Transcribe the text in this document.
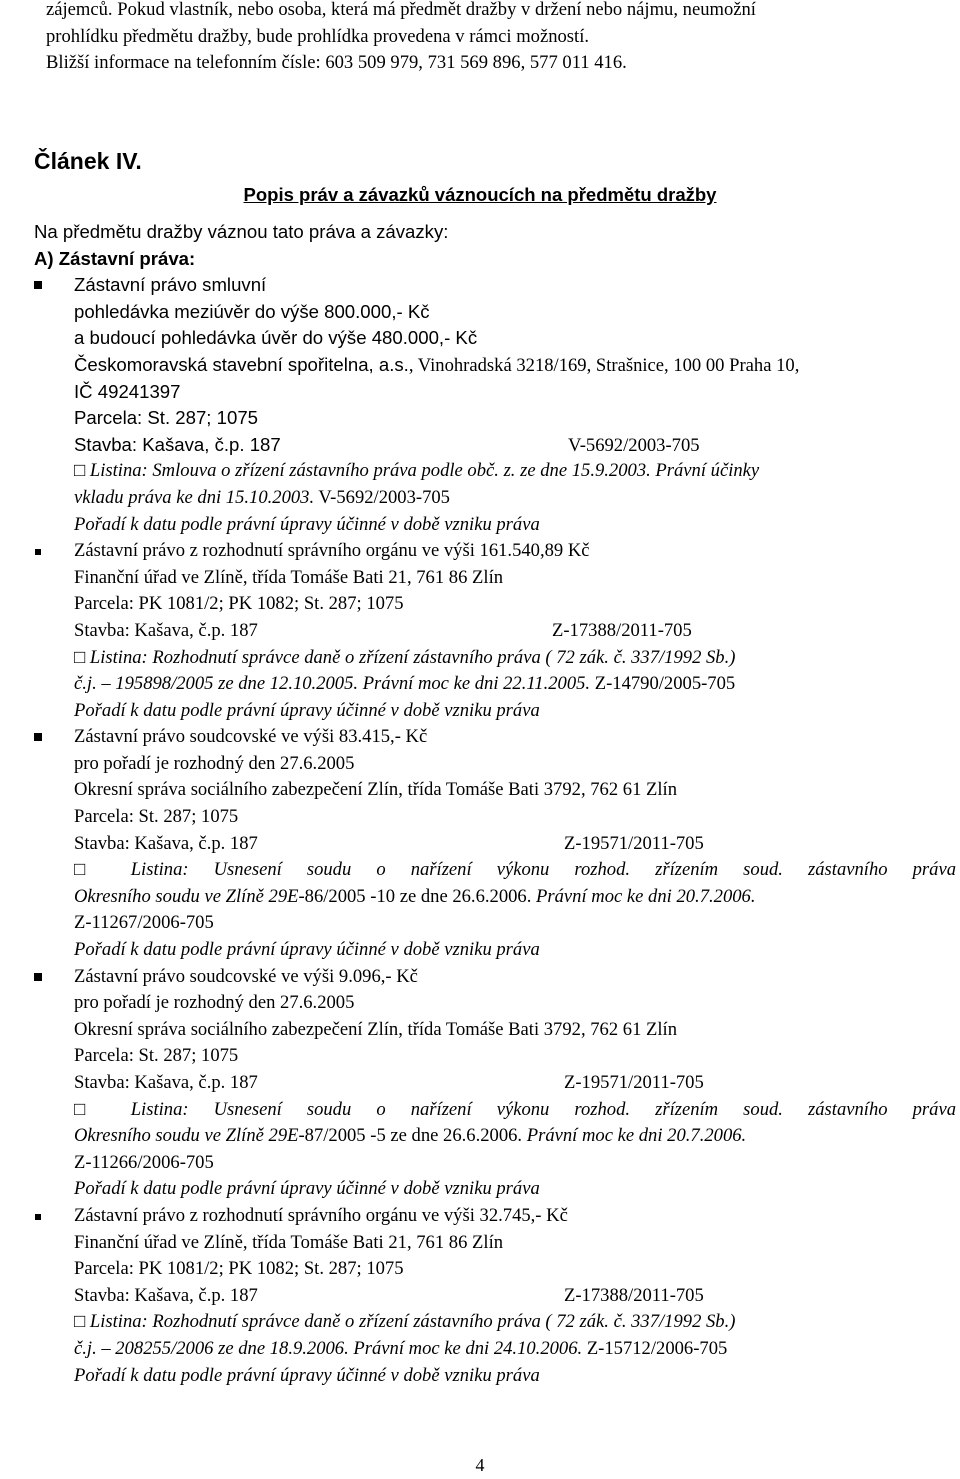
zájemců. Pokud vlastník, nebo osoba, která má předmět dražby v držení nebo nájmu, neumožní

prohlídku předmětu dražby, bude prohlídka provedena v rámci možností.

Bližší informace na telefonním čísle: 603 509 979, 731 569 896, 577 011 416.

Článek IV.

Popis práv a závazků váznoucích na předmětu dražby

Na předmětu dražby váznou tato práva a závazky:
A) Zástavní práva:
Zástavní právo smluvní
pohledávka meziúvěr do výše 800.000,- Kč
a budoucí pohledávka úvěr do výše 480.000,- Kč
Českomoravská stavební spořitelna, a.s., Vinohradská 3218/169, Strašnice, 100 00 Praha 10,
IČ 49241397
Parcela: St. 287; 1075
Stavba: Kašava, č.p. 187	V-5692/2003-705
□ Listina: Smlouva o zřízení zástavního práva podle obč. z. ze dne 15.9.2003. Právní účinky
vkladu práva ke dni 15.10.2003. V-5692/2003-705
Pořadí k datu podle právní úpravy účinné v době vzniku práva
Zástavní právo z rozhodnutí správního orgánu ve výši 161.540,89 Kč
Finanční úřad ve Zlíně, třída Tomáše Bati 21, 761 86 Zlín
Parcela: PK 1081/2; PK 1082; St. 287; 1075
Stavba: Kašava, č.p. 187	Z-17388/2011-705
□ Listina: Rozhodnutí správce daně o zřízení zástavního práva ( 72 zák. č. 337/1992 Sb.)
č.j. – 195898/2005 ze dne 12.10.2005. Právní moc ke dni 22.11.2005. Z-14790/2005-705
Pořadí k datu podle právní úpravy účinné v době vzniku práva
Zástavní právo soudcovské ve výši 83.415,- Kč
pro pořadí je rozhodný den 27.6.2005
Okresní správa sociálního zabezpečení Zlín, třída Tomáše Bati 3792, 762 61 Zlín
Parcela: St. 287; 1075
Stavba: Kašava, č.p. 187	Z-19571/2011-705
□ Listina: Usnesení soudu o nařízení výkonu rozhod. zřízením soud. zástavního práva
Okresního soudu ve Zlíně 29E-86/2005 -10 ze dne 26.6.2006. Právní moc ke dni 20.7.2006.
Z-11267/2006-705
Pořadí k datu podle právní úpravy účinné v době vzniku práva
Zástavní právo soudcovské ve výši 9.096,- Kč
pro pořadí je rozhodný den 27.6.2005
Okresní správa sociálního zabezpečení Zlín, třída Tomáše Bati 3792, 762 61 Zlín
Parcela: St. 287; 1075
Stavba: Kašava, č.p. 187	Z-19571/2011-705
□ Listina: Usnesení soudu o nařízení výkonu rozhod. zřízením soud. zástavního práva
Okresního soudu ve Zlíně 29E-87/2005 -5 ze dne 26.6.2006. Právní moc ke dni 20.7.2006.
Z-11266/2006-705
Pořadí k datu podle právní úpravy účinné v době vzniku práva
Zástavní právo z rozhodnutí správního orgánu ve výši 32.745,- Kč
Finanční úřad ve Zlíně, třída Tomáše Bati 21, 761 86 Zlín
Parcela: PK 1081/2; PK 1082; St. 287; 1075
Stavba: Kašava, č.p. 187	Z-17388/2011-705
□ Listina: Rozhodnutí správce daně o zřízení zástavního práva ( 72 zák. č. 337/1992 Sb.)
č.j. – 208255/2006 ze dne 18.9.2006. Právní moc ke dni 24.10.2006. Z-15712/2006-705
Pořadí k datu podle právní úpravy účinné v době vzniku práva
4
